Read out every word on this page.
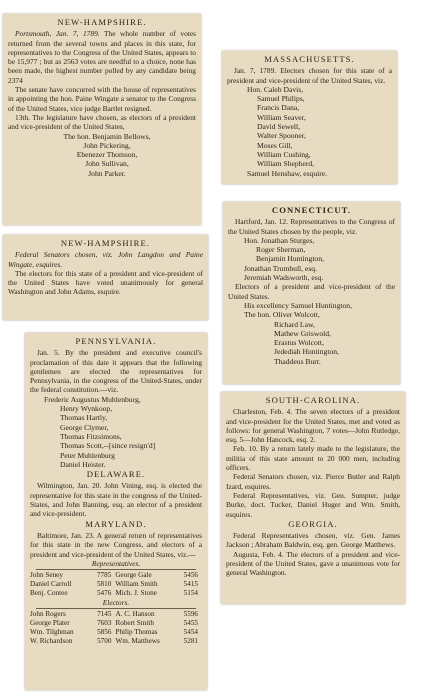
NEW-HAMPSHIRE.

Portsmouth, Jan. 7, 1789. The whole number of votes returned from the several towns and places in this state, for representatives to the Congress of the United States, appears to be 15,977 ; but as 2563 votes are needful to a choice, none has been made, the highest number polled by any candidate being 2374

The senate have concurred with the house of representatives in appointing the hon. Paine Wingate a senator to the Congress of the United States, vice judge Bartlet resigned.

13th. The legislature have chosen, as electors of a president and vice-president of the United States,

The hon. Benjamin Bellows,
John Pickering,
Ebenezer Thomson,
John Sullivan,
John Parker.
MASSACHUSETTS.

Jan. 7, 1789. Electors chosen for this state of a president and vice-president of the United States, viz.

Hon. Caleb Davis,
Samuel Philips,
Francis Dana,
William Seaver,
David Sewell,
Walter Spooner,
Moses Gill,
William Cushing,
William Shepherd,
Samuel Henshaw, esquire.
NEW-HAMPSHIRE.

Federal Senators chosen, viz. John Langdon and Paine Wingate, esquires.

The electors for this state of a president and vice-president of the United States have voted unanimously for general Washington and John Adams, esquire.

CONNECTICUT.

Hartford, Jan. 12. Representatives to the Congress of the United States chosen by the people, viz.

Hon. Jonathan Sturges,
Roger Sherman,
Benjamin Huntington,
Jonathan Trumbull, esq.
Jeremiah Wadsworth, esq.

Electors of a president and vice-president of the United States.

His excellency Samuel Huntington,
The hon. Oliver Wolcott,
Richard Law,
Mathew Griswold,
Erastus Wolcott,
Jedediah Huntington,
Thaddeus Burr.
PENNSYLVANIA.

Jan. 5. By the president and executive council's proclamation of this date it appears that the following gentlemen are elected the representatives for Pennsylvania, in the congress of the United-States, under the federal constitution.---viz.

Frederic Augustus Muhlenburg,
Henry Wynkoop,
Thomas Hartly,
George Clymer,
Thomas Fitzsimons,
Thomas Scott,--[since resign'd]
Peter Muhlenburg
Daniel Heister.
DELAWARE.

Wilmington, Jan. 20. John Vining, esq. is elected the representative for this state in the congress of the United-States, and John Banning, esq. an elector of a president and vice-president.

MARYLAND.

Baltimore, Jan. 23. A general return of representatives for this state in the new Congress, and electors of a president and vice-president of the United States, viz.---

Representatives.
John Seney	7785	George Gale	5456
Daniel Carroll	5810	William Smith	5415
Benj. Contee	5476	Mich. J. Stone	5154
Electors.
John Rogers	7145	A. C. Hanson	5596
George Plater	7603	Robert Smith	5455
Wm. Tilghman	5856	Philip Thomas	5454
W. Richardson	5700	Wm. Matthews	5281
SOUTH-CAROLINA.

Charleston, Feb. 4. The seven electors of a president and vice-president for the United States, met and voted as follows: for general Washington, 7 votes—John Rutledge, esq. 5—John Hancock, esq. 2.

Feb. 10. By a return lately made to the legislature, the militia of this state amount to 20 000 men, including officers.

Federal Senators chosen, viz. Pierce Butler and Ralph Izard, esquires.

Federal Representatives, viz. Gen. Sumpter, judge Burke, doct. Tucker, Daniel Huger and Wm. Smith, esquires.

GEORGIA.

Federal Representatives chosen, viz. Gen. James Jackson ; Abraham Baldwin, esq. gen. George Matthews.

Augusta, Feb. 4. The electors of a president and vice-president of the United States, gave a unanimous vote for general Washington.
